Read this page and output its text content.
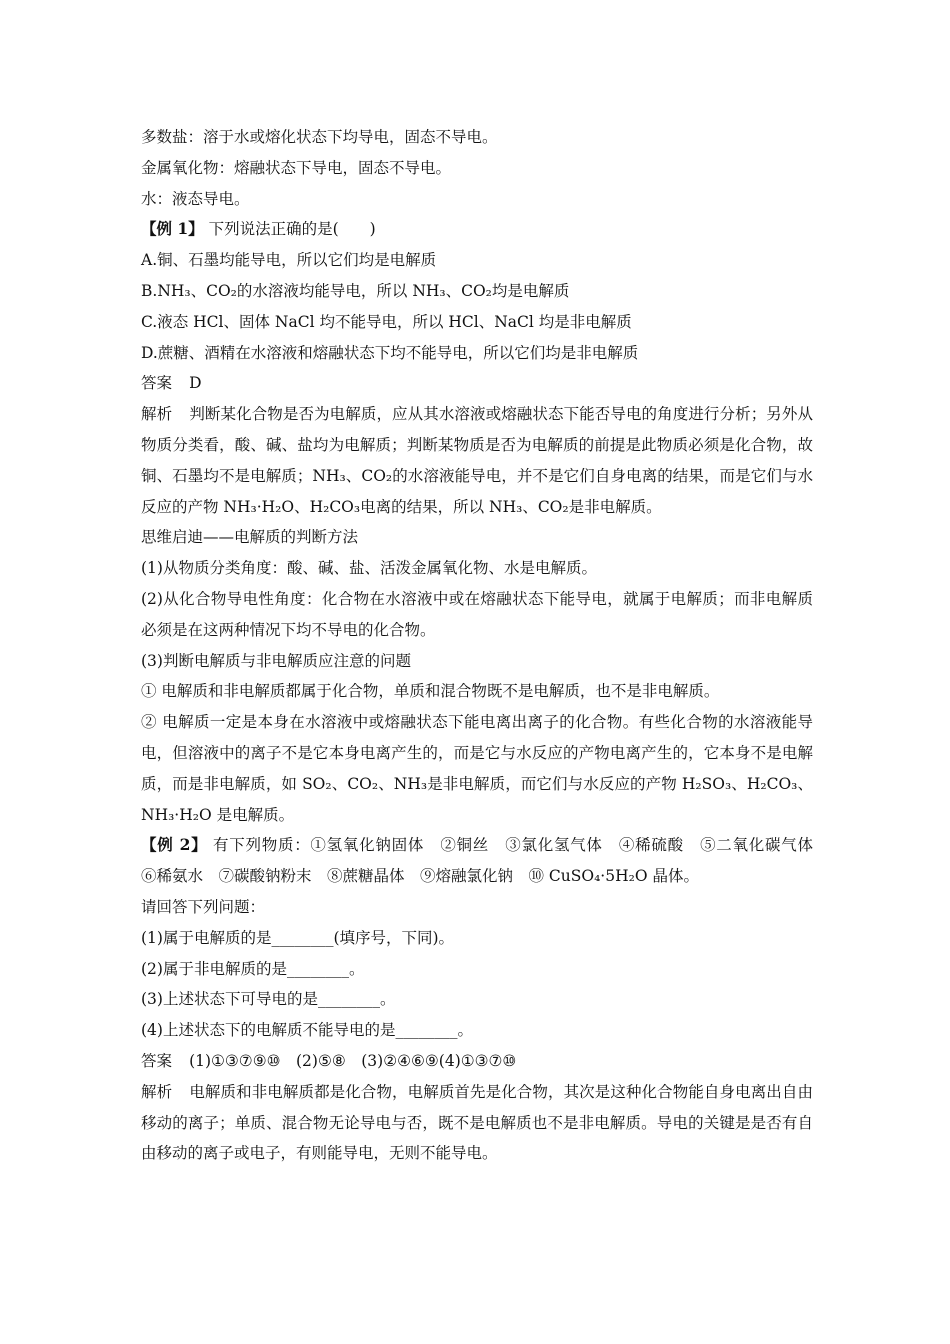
多数盐：溶于水或熔化状态下均导电，固态不导电。
金属氧化物：熔融状态下导电，固态不导电。
水：液态导电。
【例 1】 下列说法正确的是(　　)
A.铜、石墨均能导电，所以它们均是电解质
B.NH₃、CO₂的水溶液均能导电，所以 NH₃、CO₂均是电解质
C.液态 HCl、固体 NaCl 均不能导电，所以 HCl、NaCl 均是非电解质
D.蔗糖、酒精在水溶液和熔融状态下均不能导电，所以它们均是非电解质
答案 D
解析 判断某化合物是否为电解质，应从其水溶液或熔融状态下能否导电的角度进行分析；另外从物质分类看，酸、碱、盐均为电解质；判断某物质是否为电解质的前提是此物质必须是化合物，故铜、石墨均不是电解质；NH₃、CO₂的水溶液能导电，并不是它们自身电离的结果，而是它们与水反应的产物 NH₃·H₂O、H₂CO₃电离的结果，所以 NH₃、CO₂是非电解质。
思维启迪——电解质的判断方法
(1)从物质分类角度：酸、碱、盐、活泼金属氧化物、水是电解质。
(2)从化合物导电性角度：化合物在水溶液中或在熔融状态下能导电，就属于电解质；而非电解质必须是在这两种情况下均不导电的化合物。
(3)判断电解质与非电解质应注意的问题
① 电解质和非电解质都属于化合物，单质和混合物既不是电解质，也不是非电解质。
② 电解质一定是本身在水溶液中或熔融状态下能电离出离子的化合物。有些化合物的水溶液能导电，但溶液中的离子不是它本身电离产生的，而是它与水反应的产物电离产生的，它本身不是电解质，而是非电解质，如 SO₂、CO₂、NH₃是非电解质，而它们与水反应的产物 H₂SO₃、H₂CO₃、NH₃·H₂O 是电解质。
【例 2】 有下列物质：①氢氧化钠固体　②铜丝　③氯化氢气体　④稀硫酸　⑤二氧化碳气体　⑥稀氨水　⑦碳酸钠粉末　⑧蔗糖晶体　⑨熔融氯化钠　⑩ CuSO₄·5H₂O 晶体。
请回答下列问题：
(1)属于电解质的是________(填序号，下同)。
(2)属于非电解质的是________。
(3)上述状态下可导电的是________。
(4)上述状态下的电解质不能导电的是________。
答案 (1)①③⑦⑨⑩　(2)⑤⑧　(3)②④⑥⑨(4)①③⑦⑩
解析 电解质和非电解质都是化合物，电解质首先是化合物，其次是这种化合物能自身电离出自由移动的离子；单质、混合物无论导电与否，既不是电解质也不是非电解质。导电的关键是是否有自由移动的离子或电子，有则能导电，无则不能导电。
